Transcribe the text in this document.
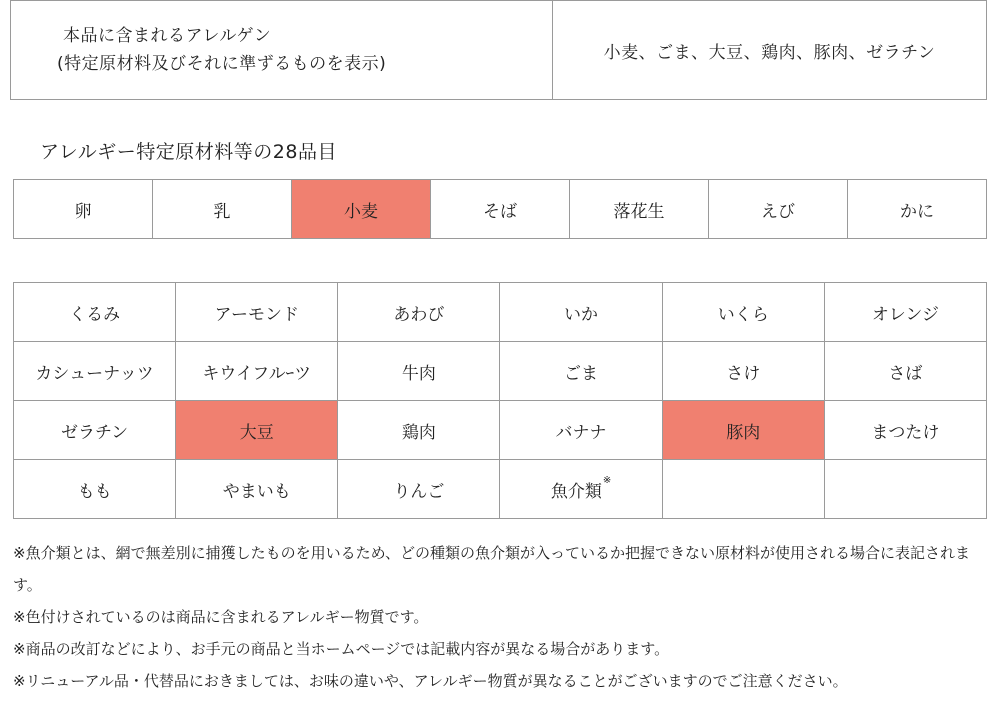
本品に含まれるアレルゲン
(特定原材料及びそれに準ずるものを表示)
	小麦、ごま、大豆、鶏肉、豚肉、ゼラチン
アレルギー特定原材料等の28品目
卵	乳	小麦	そば	落花生	えび	かに
くるみ	アーモンド	あわび	いか	いくら	オレンジ
カシューナッツ	キウイフルｰツ	牛肉	ごま	さけ	さば
ゼラチン	大豆	鶏肉	バナナ	豚肉	まつたけ
もも	やまいも	りんご	魚介類※		

※魚介類とは、網で無差別に捕獲したものを用いるため、どの種類の魚介類が入っているか把握できない原材料が使用される場合に表記されます。

※色付けされているのは商品に含まれるアレルギー物質です。

※商品の改訂などにより、お手元の商品と当ホームページでは記載内容が異なる場合があります。

※リニューアル品・代替品におきましては、お味の違いや、アレルギー物質が異なることがございますのでご注意ください。
